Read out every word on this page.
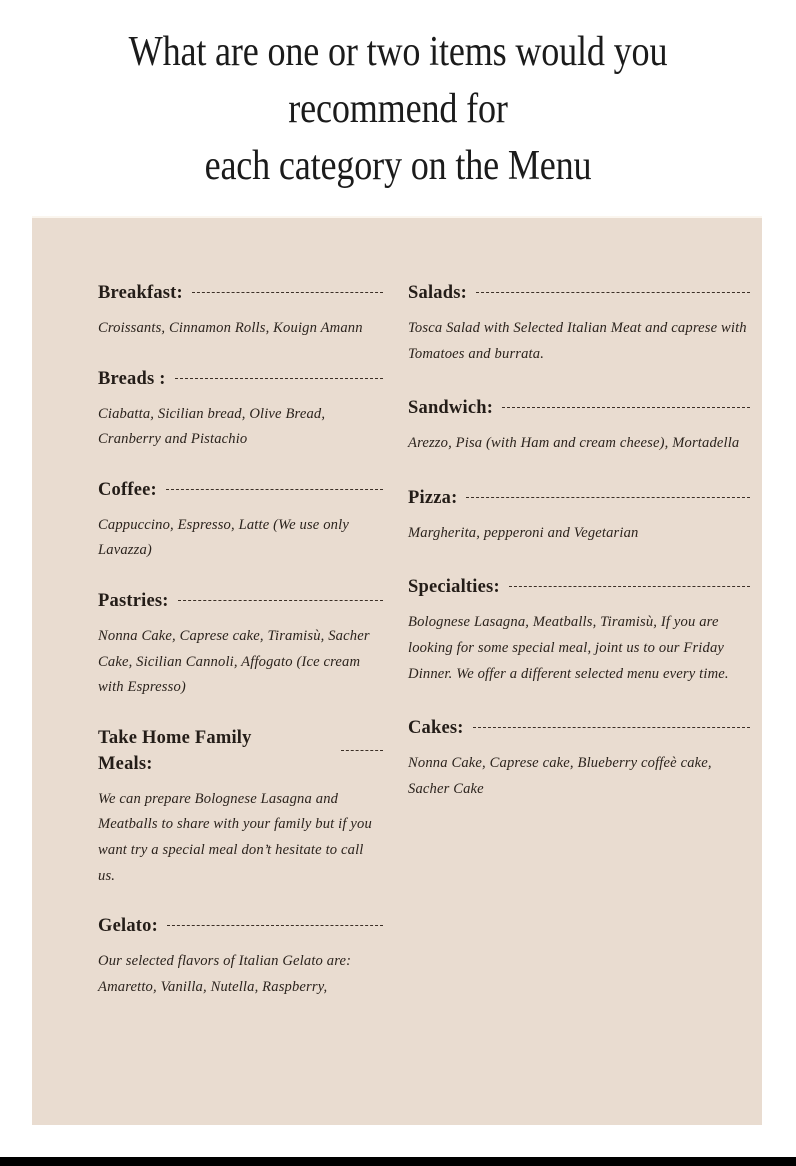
What are one or two items would you
recommend for
each category on the Menu
Breakfast:
Croissants, Cinnamon Rolls, Kouign Amann
Breads :
Ciabatta, Sicilian bread, Olive Bread, Cranberry and Pistachio
Coffee:
Cappuccino, Espresso, Latte (We use only Lavazza)
Pastries:
Nonna Cake, Caprese cake, Tiramisù, Sacher Cake, Sicilian Cannoli, Affogato (Ice cream with Espresso)
Take Home Family Meals:
We can prepare Bolognese Lasagna and Meatballs to share with your family but if you want try a special meal don’t hesitate to call us.
Gelato:
Our selected flavors of Italian Gelato are: Amaretto, Vanilla, Nutella, Raspberry,
Salads:
Tosca Salad with Selected Italian Meat and caprese with Tomatoes and burrata.
Sandwich:
Arezzo, Pisa (with Ham and cream cheese), Mortadella
Pizza:
Margherita, pepperoni and Vegetarian
Specialties:
Bolognese Lasagna, Meatballs, Tiramisù, If you are looking for some special meal, joint us to our Friday Dinner. We offer a different selected menu every time.
Cakes:
Nonna Cake, Caprese cake, Blueberry coffeè cake, Sacher Cake
